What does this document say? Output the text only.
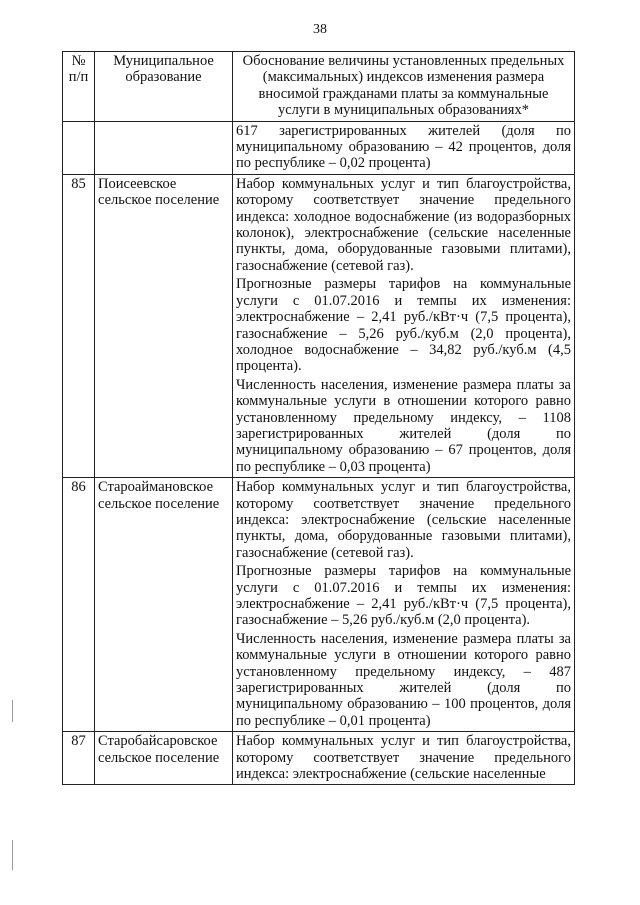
38
№ п/п	Муниципальное образование	Обоснование величины установленных предельных (максимальных) индексов изменения размера вносимой гражданами платы за коммунальные услуги в муниципальных образованиях*

		617 зарегистрированных жителей (доля по муниципальному образованию – 42 процентов, доля по республике – 0,02 процента)

85	Поисеевское сельское поселение	Набор коммунальных услуг и тип благоустройства, которому соответствует значение предельного индекса: холодное водоснабжение (из водоразборных колонок), электроснабжение (сельские населенные пункты, дома, оборудованные газовыми плитами), газоснабжение (сетевой газ).

Прогнозные размеры тарифов на коммунальные услуги с 01.07.2016 и темпы их изменения: электроснабжение – 2,41 руб./кВт·ч (7,5 процента), газоснабжение – 5,26 руб./куб.м (2,0 процента), холодное водоснабжение – 34,82 руб./куб.м (4,5 процента).

Численность населения, изменение размера платы за коммунальные услуги в отношении которого равно установленному предельному индексу, – 1108 зарегистрированных жителей (доля по муниципальному образованию – 67 процентов, доля по республике – 0,03 процента)

86	Староаймановское сельское поселение	Набор коммунальных услуг и тип благоустройства, которому соответствует значение предельного индекса: электроснабжение (сельские населенные пункты, дома, оборудованные газовыми плитами), газоснабжение (сетевой газ).

Прогнозные размеры тарифов на коммунальные услуги с 01.07.2016 и темпы их изменения: электроснабжение – 2,41 руб./кВт·ч (7,5 процента), газоснабжение – 5,26 руб./куб.м (2,0 процента).

Численность населения, изменение размера платы за коммунальные услуги в отношении которого равно установленному предельному индексу, – 487 зарегистрированных жителей (доля по муниципальному образованию – 100 процентов, доля по республике – 0,01 процента)

87	Старобайсаровское сельское поселение	Набор коммунальных услуг и тип благоустройства, которому соответствует значение предельного индекса: электроснабжение (сельские населенные
